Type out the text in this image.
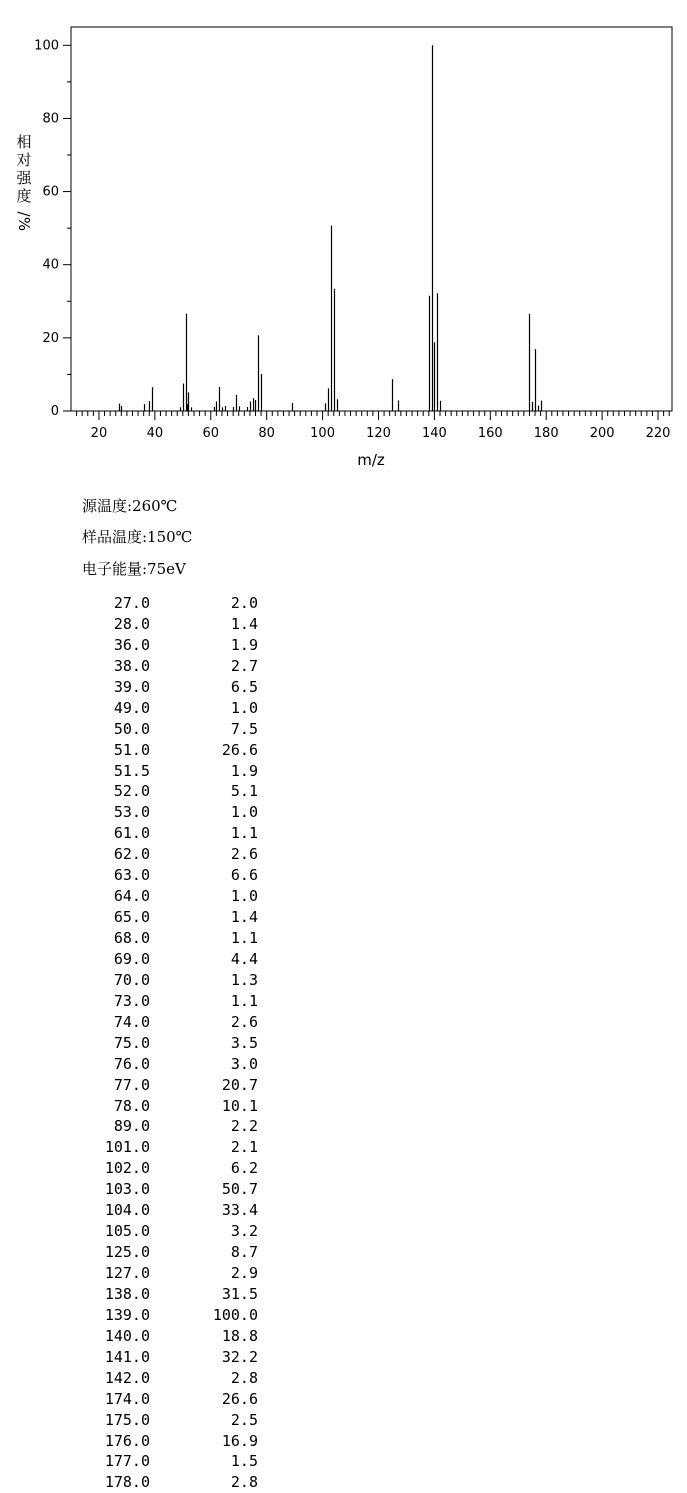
20	40	60	80	100 120 140 160 180 200 220
0
20
40
60
80
100
m/z
相
对
强
度
/
%
源温度:260℃
样品温度:150℃
电子能量:75eV
27.0	2.0
28.0	1.4
36.0	1.9
38.0	2.7
39.0	6.5
49.0	1.0
50.0	7.5
51.0	26.6
51.5	1.9
52.0	5.1
53.0	1.0
61.0	1.1
62.0	2.6
63.0	6.6
64.0	1.0
65.0	1.4
68.0	1.1
69.0	4.4
70.0	1.3
73.0	1.1
74.0	2.6
75.0	3.5
76.0	3.0
77.0	20.7
78.0	10.1
89.0	2.2
101.0	2.1
102.0	6.2
103.0	50.7
104.0	33.4
105.0	3.2
125.0	8.7
127.0	2.9
138.0	31.5
139.0	100.0
140.0	18.8
141.0	32.2
142.0	2.8
174.0	26.6
175.0	2.5
176.0	16.9
177.0	1.5
178.0	2.8
